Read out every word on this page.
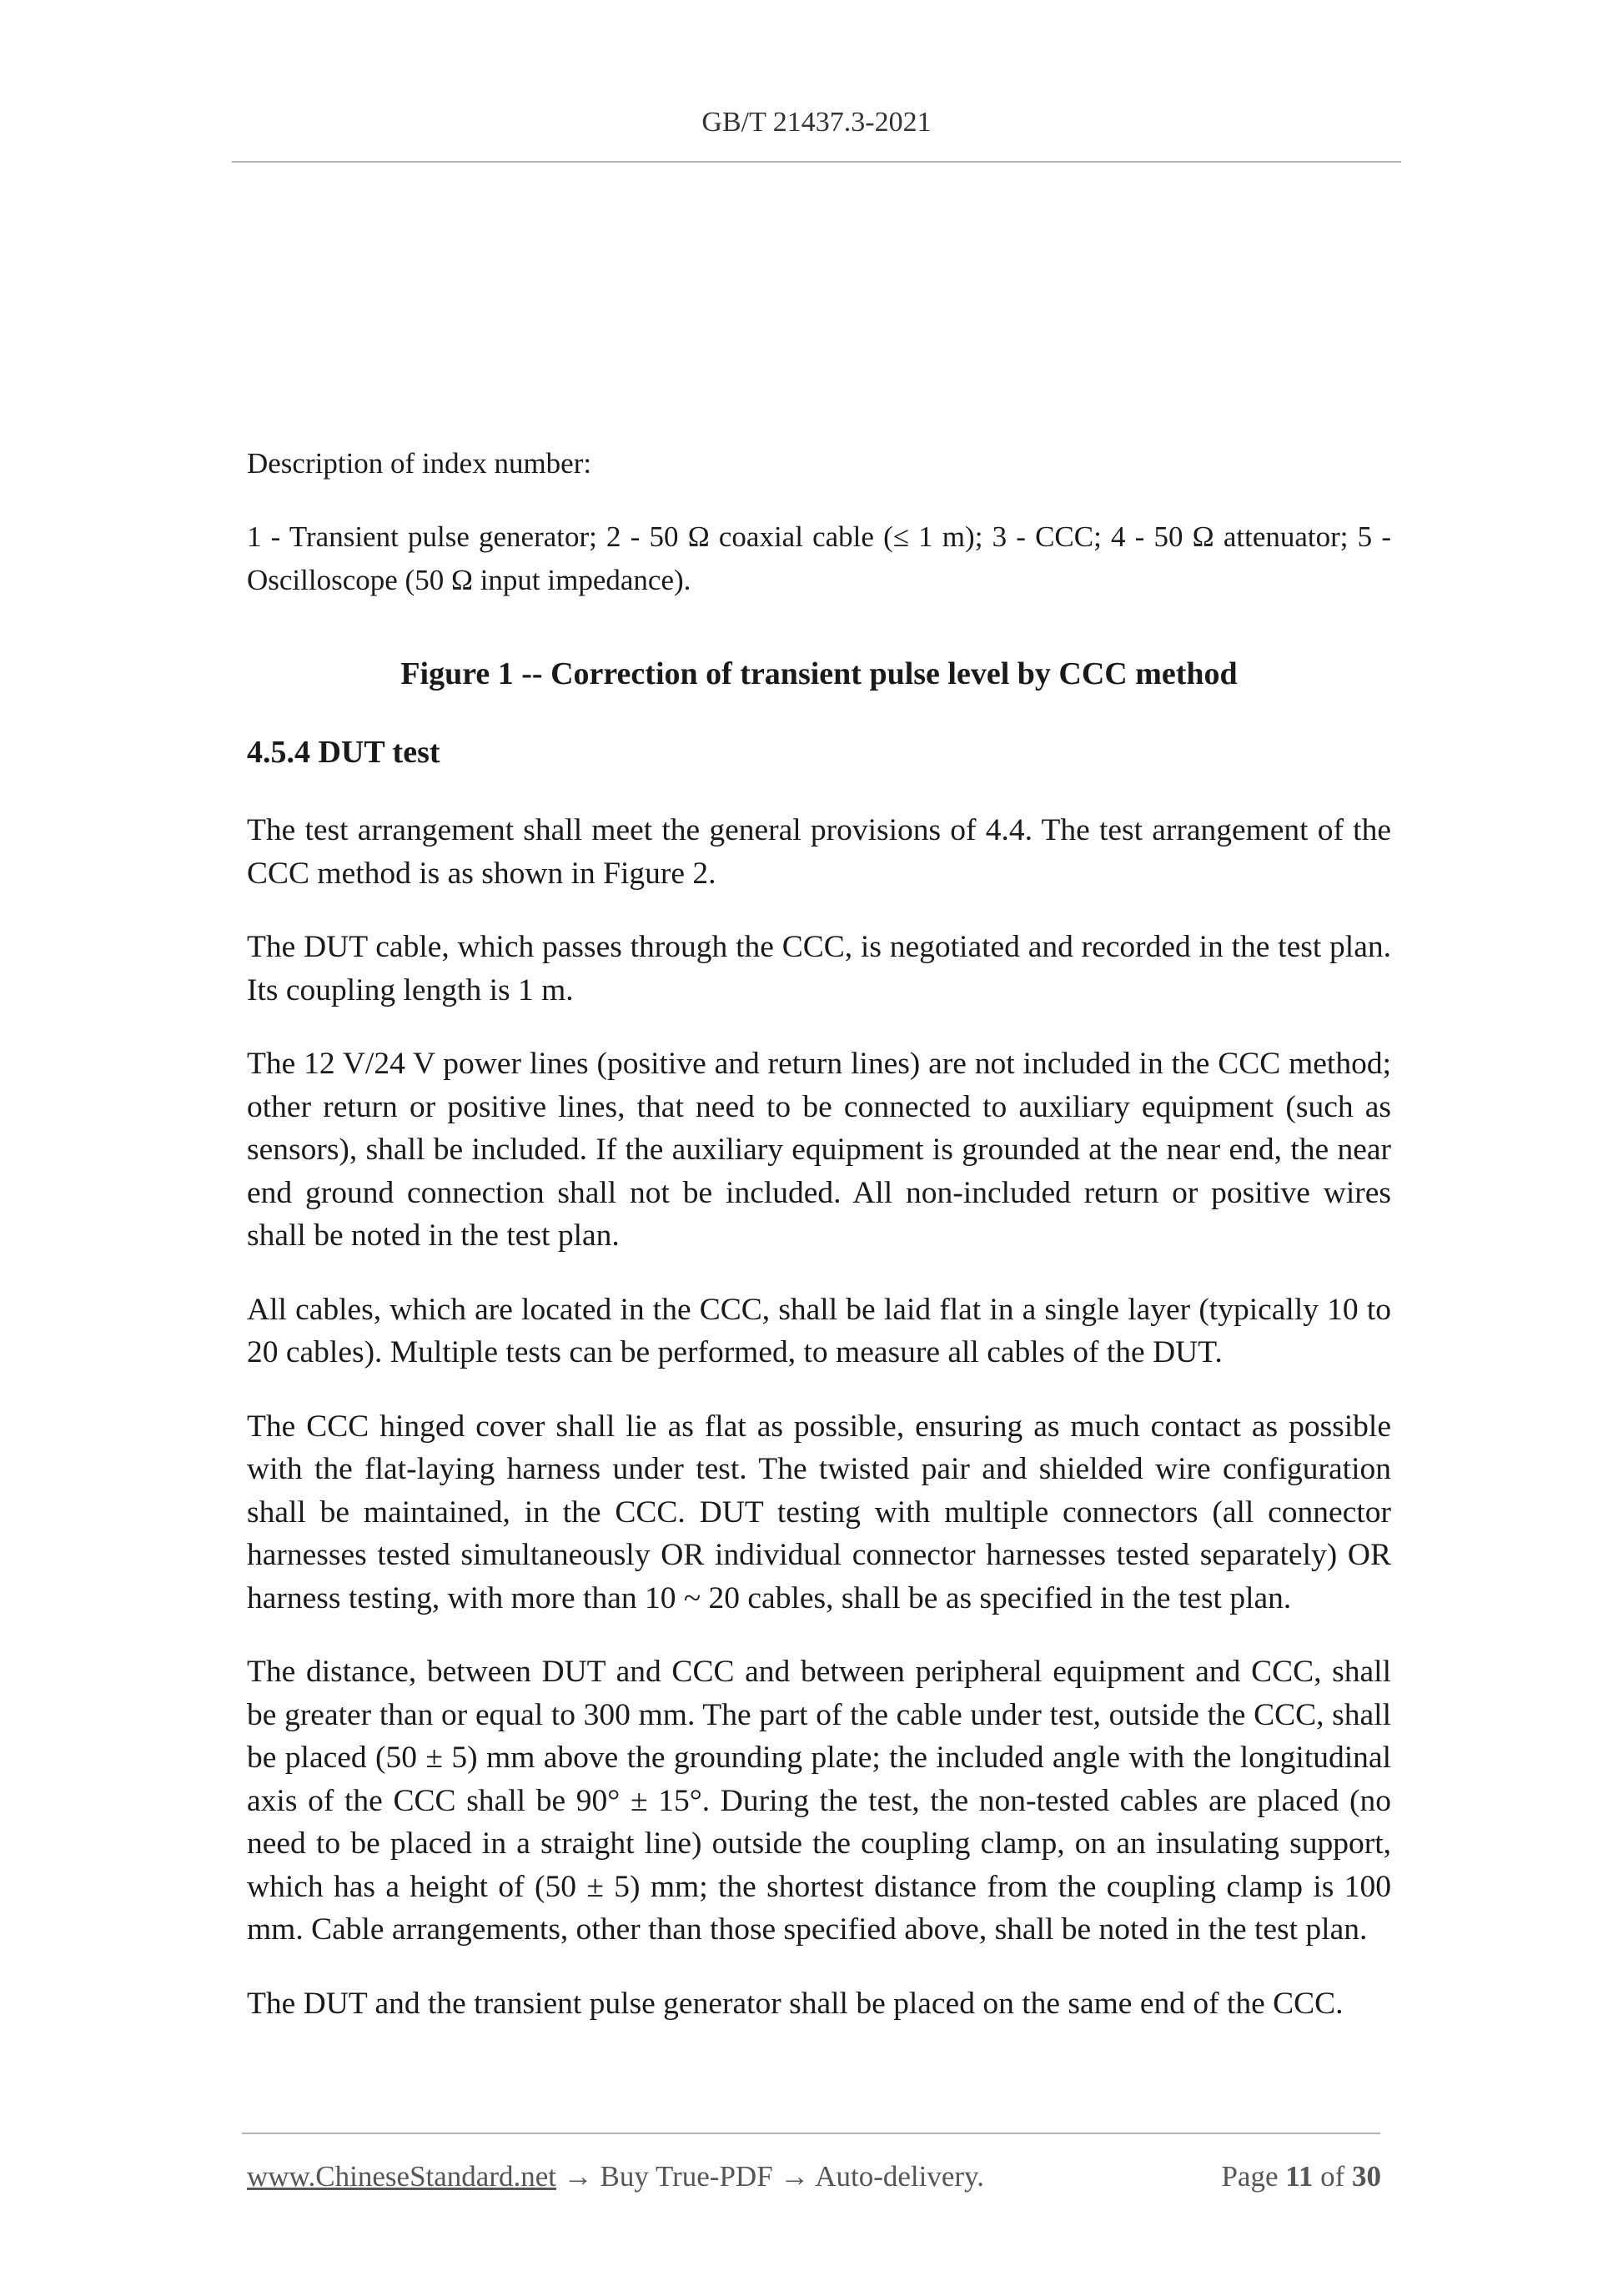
GB/T 21437.3-2021

Description of index number:

1 - Transient pulse generator; 2 - 50 Ω coaxial cable (≤ 1 m); 3 - CCC; 4 - 50 Ω attenuator; 5 - Oscilloscope (50 Ω input impedance).

Figure 1 -- Correction of transient pulse level by CCC method

4.5.4 DUT test

The test arrangement shall meet the general provisions of 4.4. The test arrangement of the CCC method is as shown in Figure 2.

The DUT cable, which passes through the CCC, is negotiated and recorded in the test plan. Its coupling length is 1 m.

The 12 V/24 V power lines (positive and return lines) are not included in the CCC method; other return or positive lines, that need to be connected to auxiliary equipment (such as sensors), shall be included. If the auxiliary equipment is grounded at the near end, the near end ground connection shall not be included. All non-included return or positive wires shall be noted in the test plan.

All cables, which are located in the CCC, shall be laid flat in a single layer (typically 10 to 20 cables). Multiple tests can be performed, to measure all cables of the DUT.

The CCC hinged cover shall lie as flat as possible, ensuring as much contact as possible with the flat-laying harness under test. The twisted pair and shielded wire configuration shall be maintained, in the CCC. DUT testing with multiple connectors (all connector harnesses tested simultaneously OR individual connector harnesses tested separately) OR harness testing, with more than 10 ~ 20 cables, shall be as specified in the test plan.

The distance, between DUT and CCC and between peripheral equipment and CCC, shall be greater than or equal to 300 mm. The part of the cable under test, outside the CCC, shall be placed (50 ± 5) mm above the grounding plate; the included angle with the longitudinal axis of the CCC shall be 90° ± 15°. During the test, the non-tested cables are placed (no need to be placed in a straight line) outside the coupling clamp, on an insulating support, which has a height of (50 ± 5) mm; the shortest distance from the coupling clamp is 100 mm. Cable arrangements, other than those specified above, shall be noted in the test plan.

The DUT and the transient pulse generator shall be placed on the same end of the CCC.

www.ChineseStandard.net → Buy True-PDF → Auto-delivery.	Page 11 of 30
